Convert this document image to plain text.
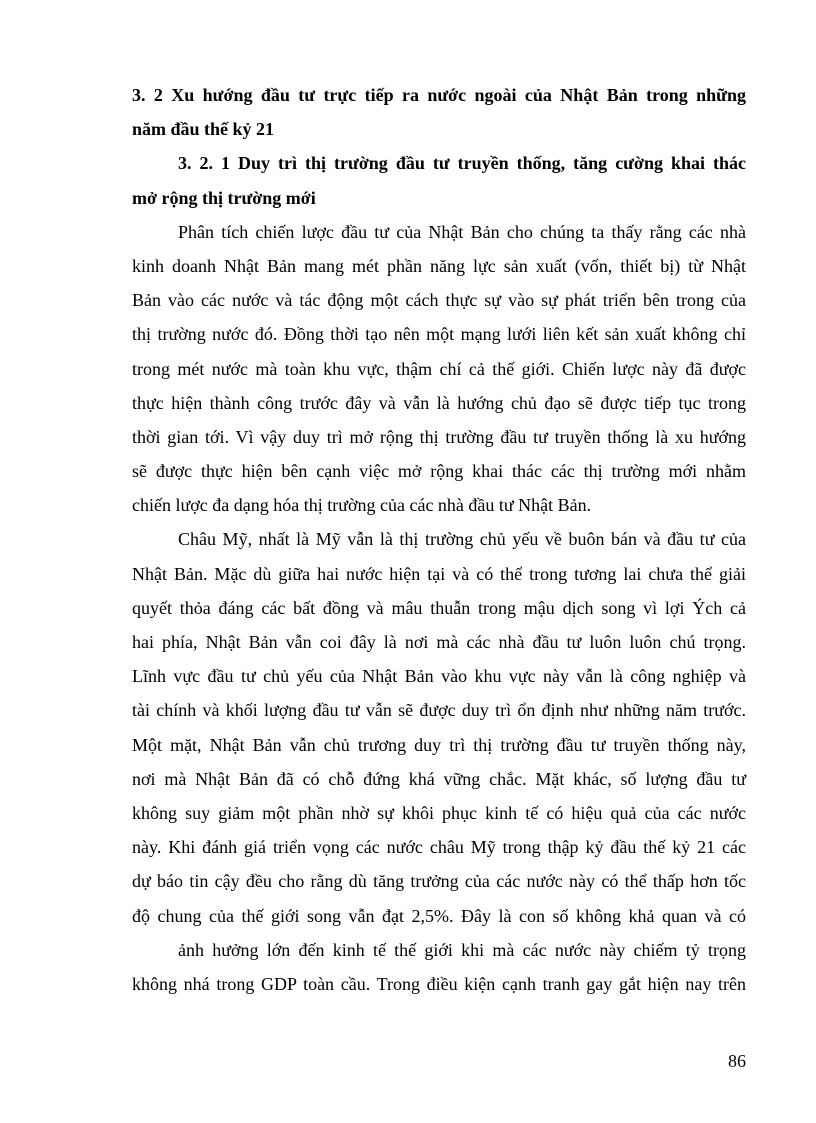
3. 2 Xu hướng đầu tư trực tiếp ra nước ngoài của Nhật Bản trong những
năm đầu thế kỷ 21
3. 2. 1 Duy trì thị trường đầu tư truyền thống, tăng cường khai thác
mở rộng thị trường mới
Phân tích chiến lược đầu tư của Nhật Bản cho chúng ta thấy rằng các nhà
kinh doanh Nhật Bản mang mét phần năng lực sản xuất (vốn, thiết bị) từ Nhật
Bản vào các nước và tác động một cách thực sự vào sự phát triển bên trong của
thị trường nước đó. Đồng thời tạo nên một mạng lưới liên kết sản xuất không chỉ
trong mét nước mà toàn khu vực, thậm chí cả thế giới. Chiến lược này đã được
thực hiện thành công trước đây và vẫn là hướng chủ đạo sẽ được tiếp tục trong
thời gian tới. Vì vậy duy trì mở rộng thị trường đầu tư truyền thống là xu hướng
sẽ được thực hiện bên cạnh việc mở rộng khai thác các thị trường mới nhằm
chiến lược đa dạng hóa thị trường của các nhà đầu tư Nhật Bản.
Châu Mỹ, nhất là Mỹ vẫn là thị trường chủ yếu về buôn bán và đầu tư của
Nhật Bản. Mặc dù giữa hai nước hiện tại và có thể trong tương lai chưa thể giải
quyết thỏa đáng các bất đồng và mâu thuẫn trong mậu dịch song vì lợi Ých cả
hai phía, Nhật Bản vẫn coi đây là nơi mà các nhà đầu tư luôn luôn chú trọng.
Lĩnh vực đầu tư chủ yếu của Nhật Bản vào khu vực này vẫn là công nghiệp và
tài chính và khối lượng đầu tư vẫn sẽ được duy trì ổn định như những năm trước.
Một mặt, Nhật Bản vẫn chủ trương duy trì thị trường đầu tư truyền thống này,
nơi mà Nhật Bản đã có chỗ đứng khá vững chắc. Mặt khác, số lượng đầu tư
không suy giảm một phần nhờ sự khôi phục kinh tế có hiệu quả của các nước
này. Khi đánh giá triển vọng các nước châu Mỹ trong thập kỷ đầu thế kỷ 21 các
dự báo tin cậy đều cho rằng dù tăng trưởng của các nước này có thể thấp hơn tốc
độ chung của thế giới song vẫn đạt 2,5%. Đây là con số không khả quan và có
ảnh hưởng lớn đến kinh tế thế giới khi mà các nước này chiếm tỷ trọng
không nhá trong GDP toàn cầu. Trong điều kiện cạnh tranh gay gắt hiện nay trên
86
